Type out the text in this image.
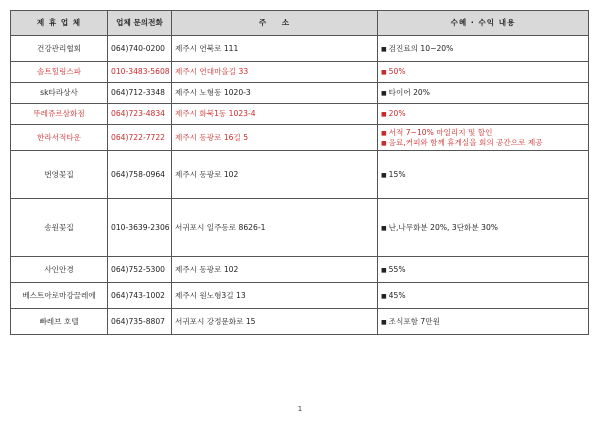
제 휴 업 체	업체 문의전화	주    소	수혜 · 수익 내용
건강관리협회	064)740-0200	제주시 연북로 111	■ 검진료의 10~20%

솔트힐링스파	010-3483-5608	제주시 연대마을길 33	■ 50%

sk타라상사	064)712-3348	제주시 노형동 1020-3	■ 타이어 20%

뚜레쥬르삼화점	064)723-4834	제주시 화북1동 1023-4	■ 20%

한라서적타운	064)722-7722	제주시 동광로 16길 5	■ 서적 7~10% 마일리지 및 할인
■ 음료,커피와 함께 휴게실을 회의 공간으로 제공

번영꽃집	064)758-0964	제주시 동광로 102	■ 15%

송원꽃집	010-3639-2306	서귀포시 일주동로 8626-1	■ 난,나무화분 20%, 3단화분 30%

사인안경	064)752-5300	제주시 동광로 102	■ 55%

베스트아로마강끌레에	064)743-1002	제주시 원노형3길 13	■ 45%

빠레브 호텔	064)735-8807	서귀포시 강정문화로 15	■ 조식포함 7만원
1
